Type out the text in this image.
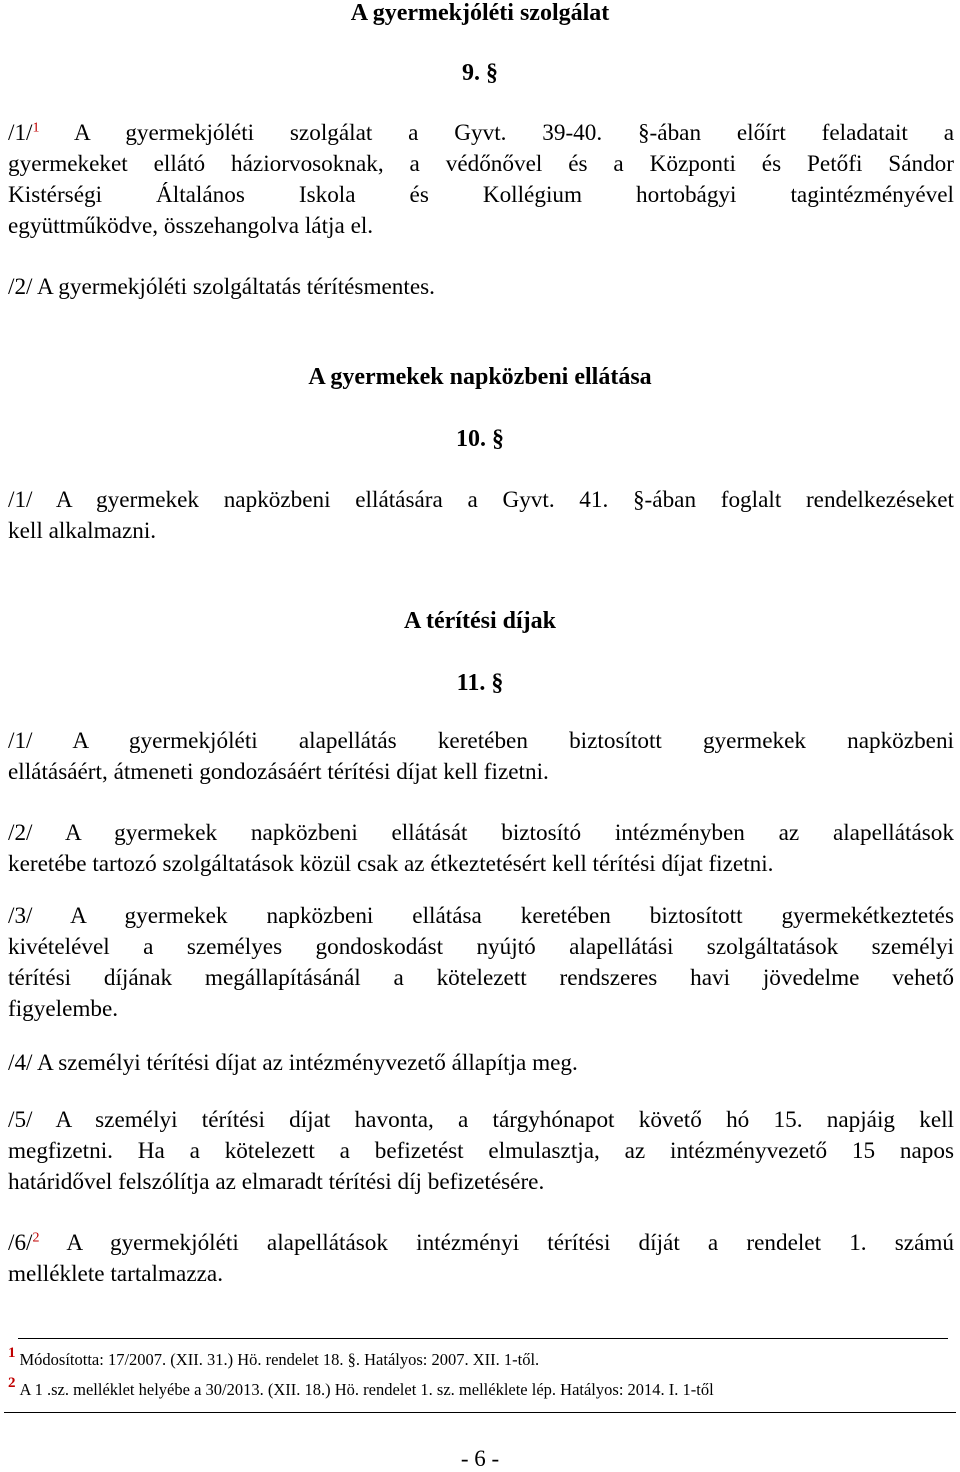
A gyermekjóléti szolgálat
9. §
/1/$^1$ A gyermekjóléti szolgálat a Gyvt. 39-40. §-ában előírt feladatait a
gyermekeket ellátó háziorvosoknak, a védőnővel és a Központi és Petőfi Sándor
Kistérségi Általános Iskola és Kollégium hortobágyi tagintézményével
együttműködve, összehangolva látja el.
/2/ A gyermekjóléti szolgáltatás térítésmentes.
A gyermekek napközbeni ellátása
10. §
/1/ A gyermekek napközbeni ellátására a Gyvt. 41. §-ában foglalt rendelkezéseket
kell alkalmazni.
A térítési díjak
11. §
/1/ A gyermekjóléti alapellátás keretében biztosított gyermekek napközbeni
ellátásáért, átmeneti gondozásáért térítési díjat kell fizetni.
/2/ A gyermekek napközbeni ellátását biztosító intézményben az alapellátások
keretébe tartozó szolgáltatások közül csak az étkeztetésért kell térítési díjat fizetni.
/3/ A gyermekek napközbeni ellátása keretében biztosított gyermekétkeztetés
kivételével a személyes gondoskodást nyújtó alapellátási szolgáltatások személyi
térítési díjának megállapításánál a kötelezett rendszeres havi jövedelme vehető
figyelembe.
/4/ A személyi térítési díjat az intézményvezető állapítja meg.
/5/ A személyi térítési díjat havonta, a tárgyhónapot követő hó 15. napjáig kell
megfizetni. Ha a kötelezett a befizetést elmulasztja, az intézményvezető 15 napos
határidővel felszólítja az elmaradt térítési díj befizetésére.
/6/$^2$ A gyermekjóléti alapellátások intézményi térítési díját a rendelet 1. számú
melléklete tartalmazza.
1 Módosította: 17/2007. (XII. 31.) Hö. rendelet 18. §. Hatályos: 2007. XII. 1-től.
2 A 1 .sz. melléklet helyébe a 30/2013. (XII. 18.) Hö. rendelet 1. sz. melléklete lép. Hatályos: 2014. I. 1-től
- 6 -
